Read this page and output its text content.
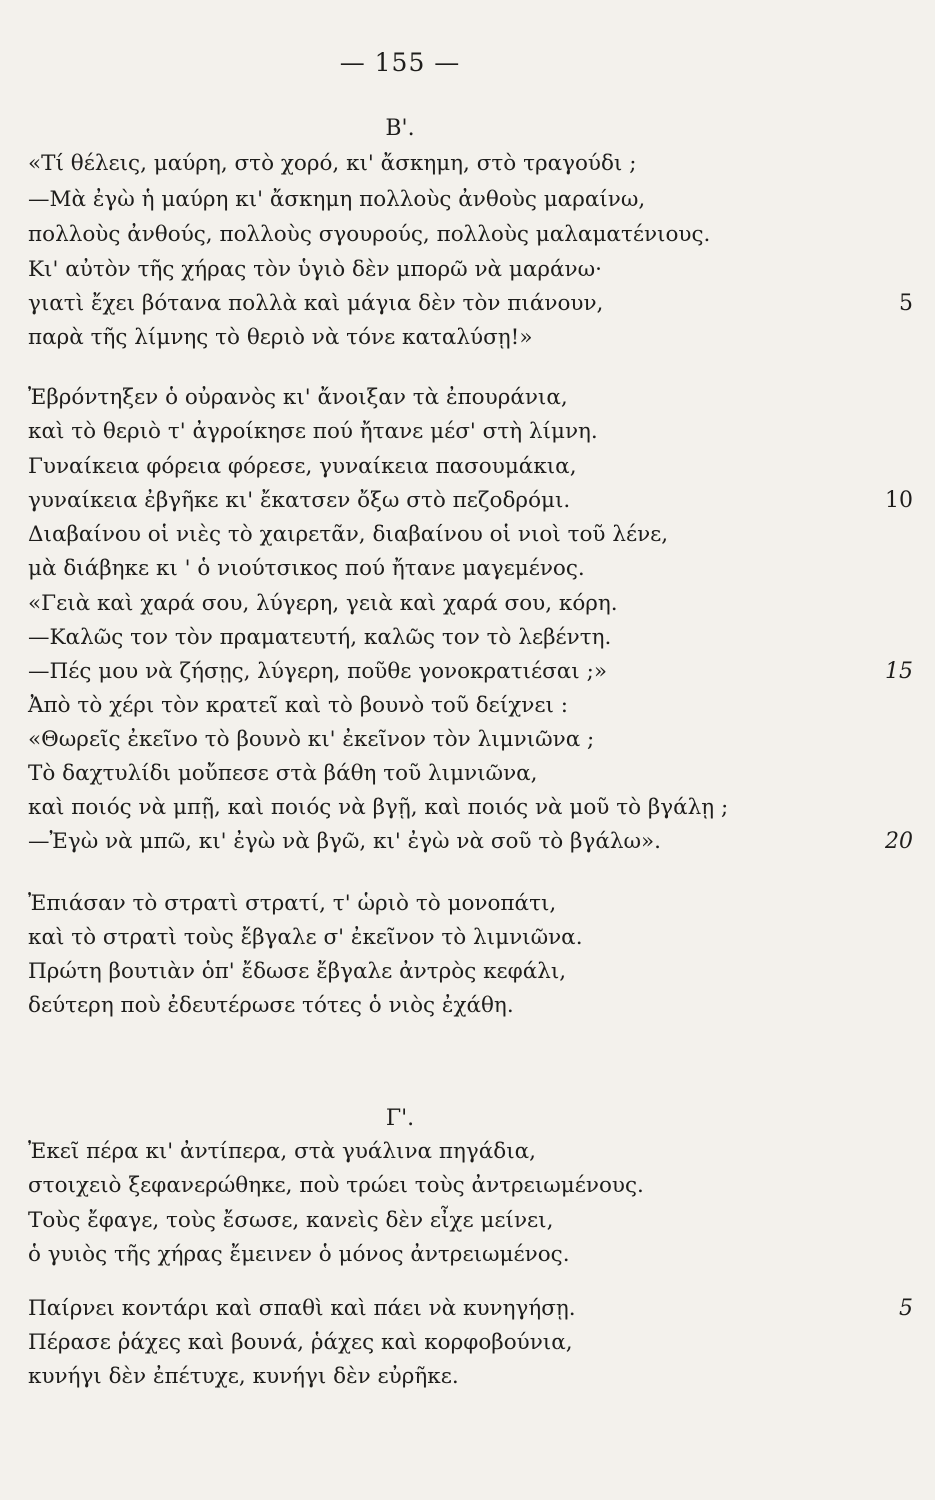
— 155 —
Β'.
«Τί θέλεις, μαύρη, στὸ χορό, κι' ἄσκημη, στὸ τραγούδι ;
—Μὰ ἐγὼ ἡ μαύρη κι' ἄσκημη πολλοὺς ἀνθοὺς μαραίνω,
πολλοὺς ἀνθούς, πολλοὺς σγουρούς, πολλοὺς μαλαματένιους.
Κι' αὐτὸν τῆς χήρας τὸν ὑγιὸ δὲν μπορῶ νὰ μαράνω·
γιατὶ ἔχει βότανα πολλὰ καὶ μάγια δὲν τὸν πιάνουν,	5
παρὰ τῆς λίμνης τὸ θεριὸ νὰ τόνε καταλύσῃ!»
Ἐβρόντηξεν ὁ οὐρανὸς κι' ἄνοιξαν τὰ ἐπουράνια,
καὶ τὸ θεριὸ τ' ἀγροίκησε πού ἤτανε μέσ' στὴ λίμνη.
Γυναίκεια φόρεια φόρεσε, γυναίκεια πασουμάκια,
γυναίκεια ἐβγῆκε κι' ἔκατσεν ὄξω στὸ πεζοδρόμι.	10
Διαβαίνου οἱ νιὲς τὸ χαιρετᾶν, διαβαίνου οἱ νιοὶ τοῦ λένε,
μὰ διάβηκε κι ' ὁ νιούτσικος πού ἤτανε μαγεμένος.
«Γειὰ καὶ χαρά σου, λύγερη, γειὰ καὶ χαρά σου, κόρη.
—Καλῶς τον τὸν πραματευτή, καλῶς τον τὸ λεβέντη.
—Πές μου νὰ ζήσῃς, λύγερη, ποῦθε γονοκρατιέσαι ;»	15
Ἀπὸ τὸ χέρι τὸν κρατεῖ καὶ τὸ βουνὸ τοῦ δείχνει :
«Θωρεῖς ἐκεῖνο τὸ βουνὸ κι' ἐκεῖνον τὸν λιμνιῶνα ;
Τὸ δαχτυλίδι μοὔπεσε στὰ βάθη τοῦ λιμνιῶνα,
καὶ ποιός νὰ μπῇ, καὶ ποιός νὰ βγῇ, καὶ ποιός νὰ μοῦ τὸ βγάλῃ ;
—Ἐγὼ νὰ μπῶ, κι' ἐγὼ νὰ βγῶ, κι' ἐγὼ νὰ σοῦ τὸ βγάλω».	20
Ἐπιάσαν τὸ στρατὶ στρατί, τ' ὡριὸ τὸ μονοπάτι,
καὶ τὸ στρατὶ τοὺς ἔβγαλε σ' ἐκεῖνον τὸ λιμνιῶνα.
Πρώτη βουτιὰν ὁπ' ἔδωσε ἔβγαλε ἀντρὸς κεφάλι,
δεύτερη ποὺ ἐδευτέρωσε τότες ὁ νιὸς ἐχάθη.
Γ'.
Ἐκεῖ πέρα κι' ἀντίπερα, στὰ γυάλινα πηγάδια,
στοιχειὸ ξεφανερώθηκε, ποὺ τρώει τοὺς ἀντρειωμένους.
Τοὺς ἔφαγε, τοὺς ἔσωσε, κανεὶς δὲν εἶχε μείνει,
ὁ γυιὸς τῆς χήρας ἔμεινεν ὁ μόνος ἀντρειωμένος.
Παίρνει κοντάρι καὶ σπαθὶ καὶ πάει νὰ κυνηγήσῃ.	5
Πέρασε ῥάχες καὶ βουνά, ῥάχες καὶ κορφοβούνια,
κυνήγι δὲν ἐπέτυχε, κυνήγι δὲν εὐρῆκε.
